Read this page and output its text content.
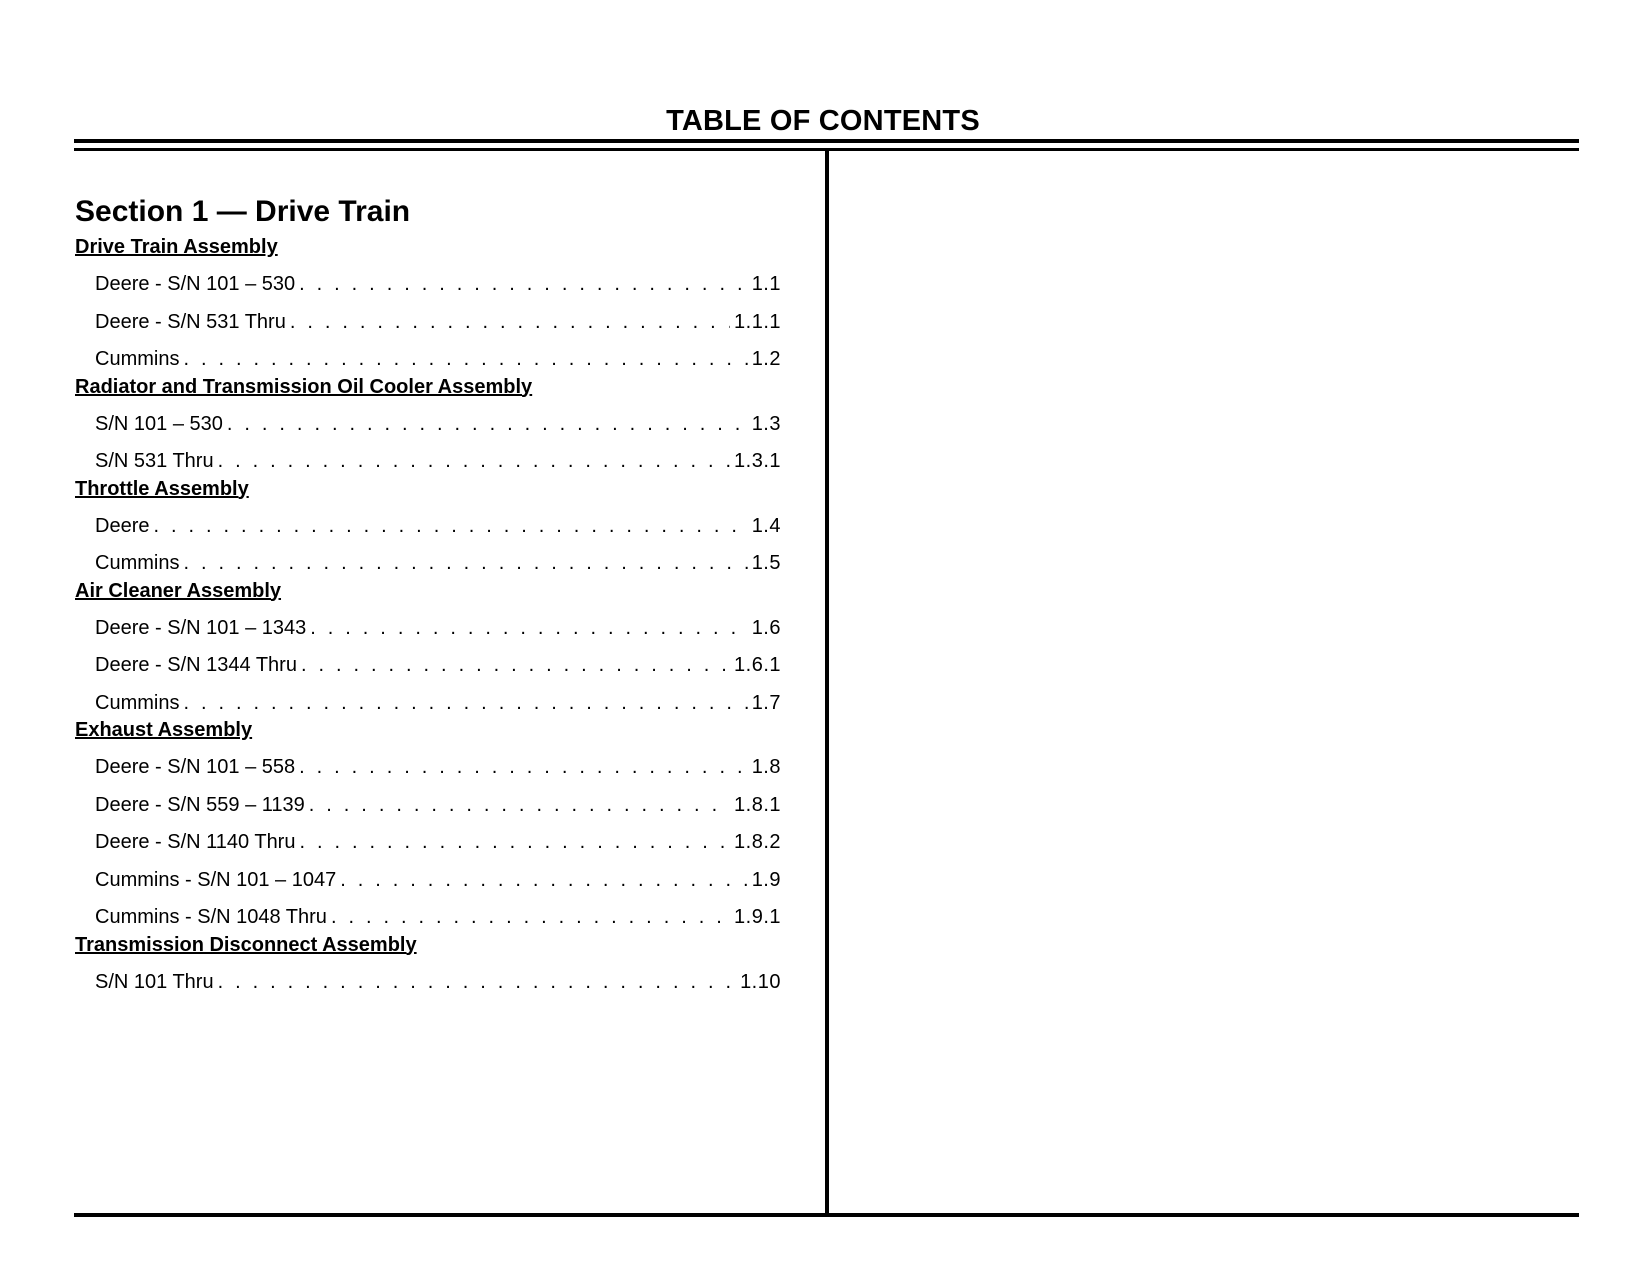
TABLE OF CONTENTS
Section 1 — Drive Train
Drive Train Assembly
Deere - S/N 101 – 530 . . .	1.1
Deere - S/N 531 Thru . . .	1.1.1
Cummins . . .	1.2
Radiator and Transmission Oil Cooler Assembly
S/N 101 – 530 . . .	1.3
S/N 531 Thru . . .	1.3.1
Throttle Assembly
Deere . . .	1.4
Cummins . . .	1.5
Air Cleaner Assembly
Deere - S/N 101 – 1343 . . .	1.6
Deere - S/N 1344 Thru . . .	1.6.1
Cummins . . .	1.7
Exhaust Assembly
Deere - S/N 101 – 558 . . .	1.8
Deere - S/N 559 – 1139 . . .	1.8.1
Deere - S/N 1140 Thru . . .	1.8.2
Cummins - S/N 101 – 1047 . . .	1.9
Cummins - S/N 1048 Thru . . .	1.9.1
Transmission Disconnect Assembly
S/N 101 Thru . . .	1.10
